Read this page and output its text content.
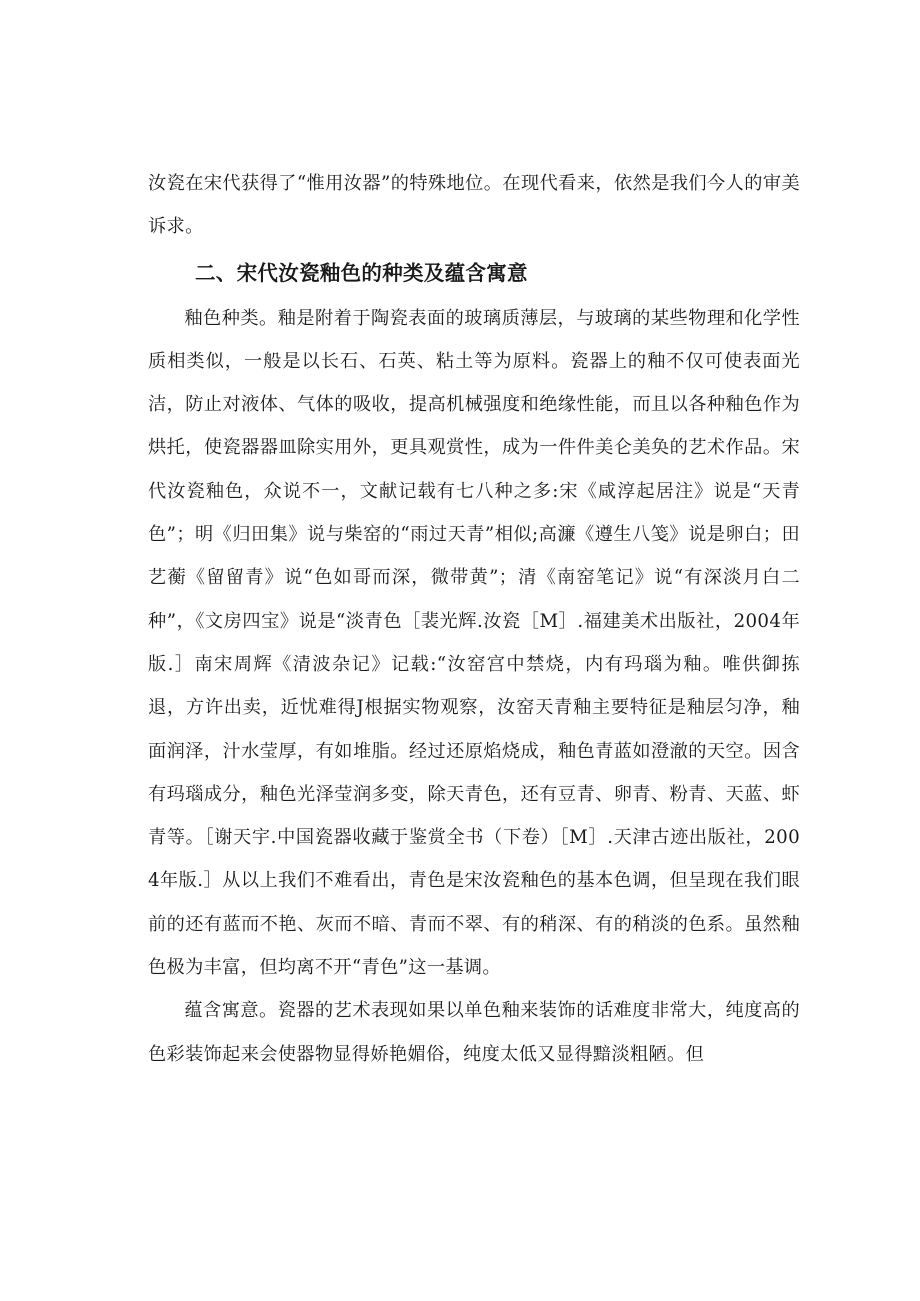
汝瓷在宋代获得了“惟用汝器”的特殊地位。在现代看来，依然是我们今人的审美诉求。

二、宋代汝瓷釉色的种类及蕴含寓意

釉色种类。釉是附着于陶瓷表面的玻璃质薄层，与玻璃的某些物理和化学性质相类似，一般是以长石、石英、粘土等为原料。瓷器上的釉不仅可使表面光洁，防止对液体、气体的吸收，提高机械强度和绝缘性能，而且以各种釉色作为烘托，使瓷器器皿除实用外，更具观赏性，成为一件件美仑美奂的艺术作品。宋代汝瓷釉色，众说不一，文献记载有七八种之多:宋《咸淳起居注》说是“天青色”；明《归田集》说与柴窑的“雨过天青”相似;高濂《遵生八笺》说是卵白；田艺蘅《留留青》说“色如哥而深，微带黄”；清《南窑笔记》说“有深淡月白二种”，《文房四宝》说是“淡青色［裴光辉.汝瓷［M］.福建美术出版社，2004年版.］南宋周辉《清波杂记》记载:“汝窑宫中禁烧，内有玛瑙为釉。唯供御拣退，方许出卖，近忧难得J根据实物观察，汝窑天青釉主要特征是釉层匀净，釉面润泽，汁水莹厚，有如堆脂。经过还原焰烧成，釉色青蓝如澄澈的天空。因含有玛瑙成分，釉色光泽莹润多变，除天青色，还有豆青、卵青、粉青、天蓝、虾青等。［谢天宇.中国瓷器收藏于鉴赏全书（下卷）［M］.天津古迹出版社，2004年版.］从以上我们不难看出，青色是宋汝瓷釉色的基本色调，但呈现在我们眼前的还有蓝而不艳、灰而不暗、青而不翠、有的稍深、有的稍淡的色系。虽然釉色极为丰富，但均离不开“青色”这一基调。

蕴含寓意。瓷器的艺术表现如果以单色釉来装饰的话难度非常大，纯度高的色彩装饰起来会使器物显得娇艳媚俗，纯度太低又显得黯淡粗陋。但
